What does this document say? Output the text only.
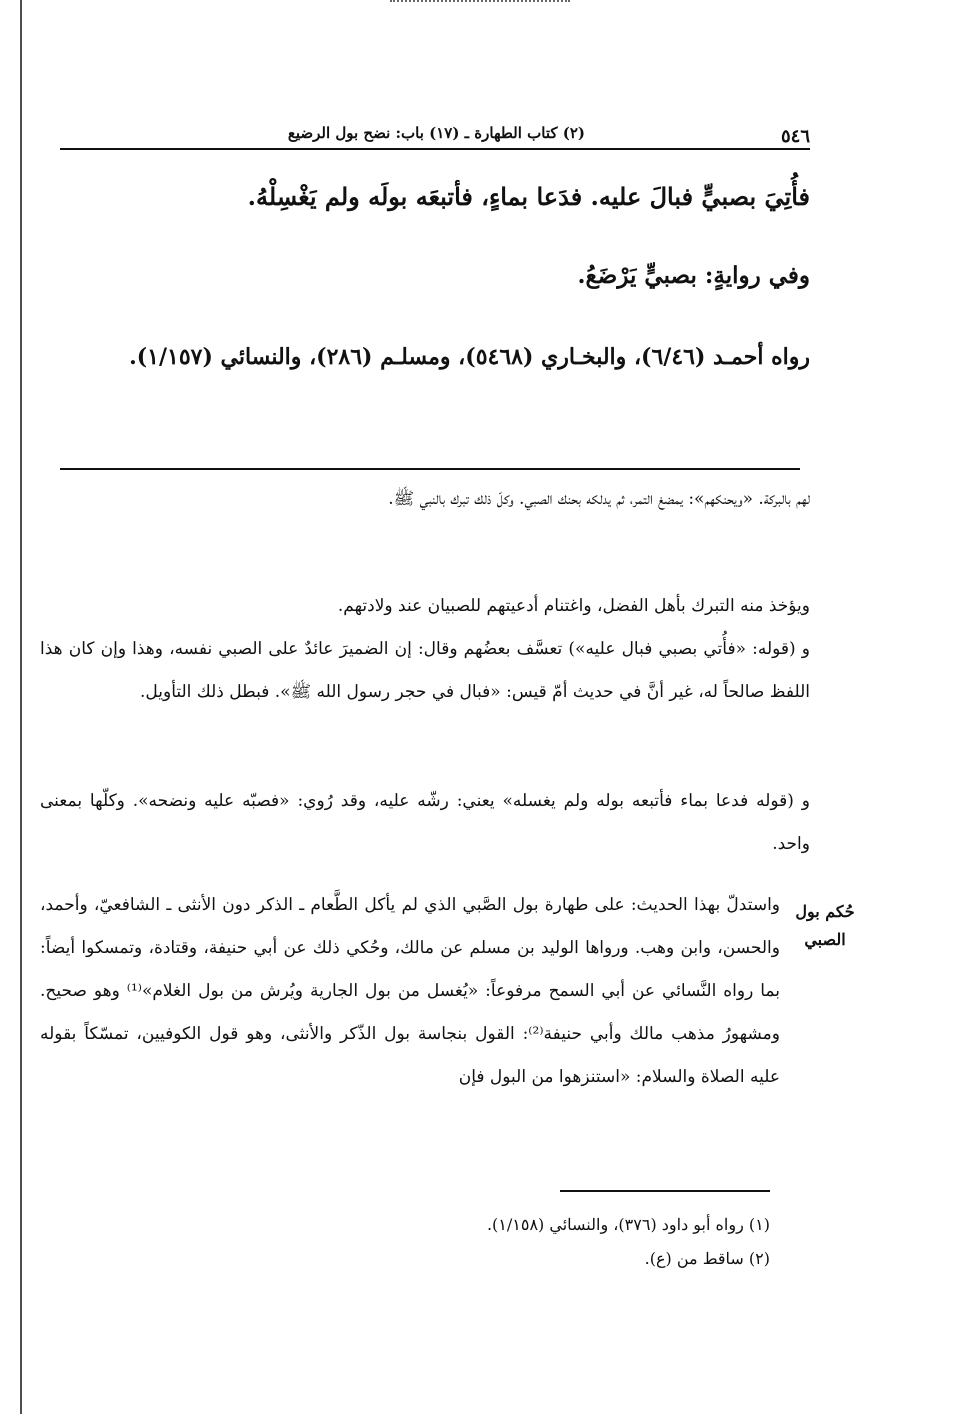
٥٤٦
(٢) كتاب الطهارة ـ (١٧) باب: نضح بول الرضيع
فأُتِيَ بصبيٍّ فبالَ عليه. فدَعا بماءٍ، فأتبعَه بولَه ولم يَغْسِلْهُ.
وفي روايةٍ: بصبيٍّ يَرْضَعُ.
رواه أحمـد (٦/٤٦)، والبخـاري (٥٤٦٨)، ومسلـم (٢٨٦)، والنسائي (١/١٥٧).
لهم بالبركة. «ويحنكهم»: يمضغ التمر، ثم يدلكه بحنك الصبي. وكلّ ذلك تبرك بالنبي ﷺ.
ويؤخذ منه التبرك بأهل الفضل، واغتنام أدعيتهم للصبيان عند ولادتهم.
و (قوله: «فأُتي بصبي فبال عليه») تعسَّف بعضُهم وقال: إن الضميرَ عائدٌ على الصبي نفسه، وهذا وإن كان هذا اللفظ صالحاً له، غير أنَّ في حديث أمّ قيس: «فبال في حجر رسول الله ﷺ». فبطل ذلك التأويل.
و (قوله فدعا بماء فأتبعه بوله ولم يغسله» يعني: رشّه عليه، وقد رُوي: «فصبّه عليه ونضحه». وكلّها بمعنى واحد.
واستدلّ بهذا الحديث: على طهارة بول الصَّبي الذي لم يأكل الطَّعام ـ الذكر دون الأنثى ـ الشافعيّ، وأحمد، والحسن، وابن وهب. ورواها الوليد بن مسلم عن مالك، وحُكي ذلك عن أبي حنيفة، وقتادة، وتمسكوا أيضاً: بما رواه النَّسائي عن أبي السمح مرفوعاً: «يُغسل من بول الجارية ويُرش من بول الغلام»⁽¹⁾ وهو صحيح. ومشهورُ مذهب مالك وأبي حنيفة⁽²⁾: القول بنجاسة بول الذّكر والأنثى، وهو قول الكوفيين، تمسّكاً بقوله عليه الصلاة والسلام: «استنزهوا من البول فإن
حُكم بول الصبي
(١) رواه أبو داود (٣٧٦)، والنسائي (١/١٥٨).
(٢) ساقط من (ع).
